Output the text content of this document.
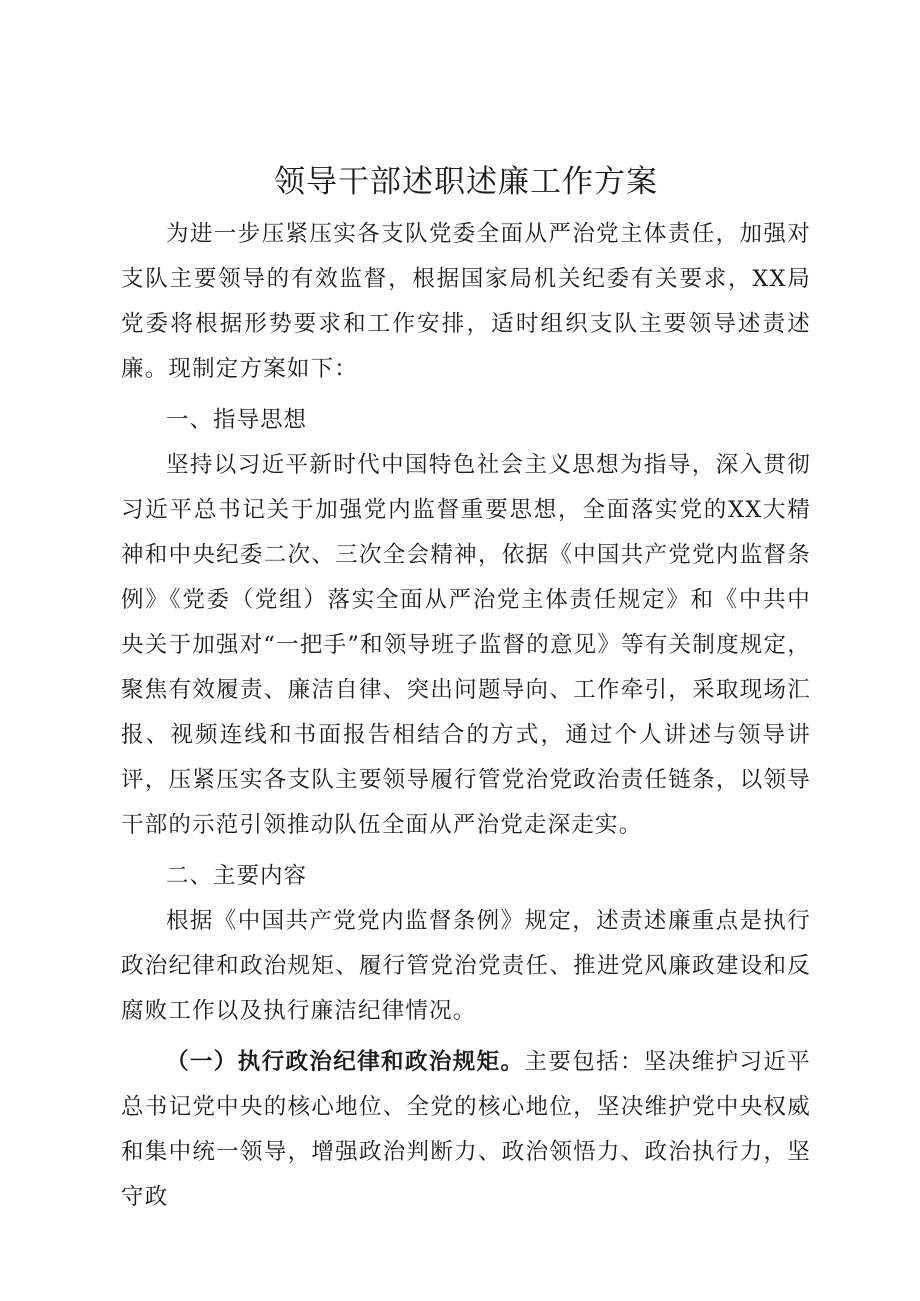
领导干部述职述廉工作方案

为进一步压紧压实各支队党委全面从严治党主体责任，加强对支队主要领导的有效监督，根据国家局机关纪委有关要求，XX局党委将根据形势要求和工作安排，适时组织支队主要领导述责述廉。现制定方案如下：

一、指导思想

坚持以习近平新时代中国特色社会主义思想为指导，深入贯彻习近平总书记关于加强党内监督重要思想，全面落实党的XX大精神和中央纪委二次、三次全会精神，依据《中国共产党党内监督条例》《党委（党组）落实全面从严治党主体责任规定》和《中共中央关于加强对“一把手”和领导班子监督的意见》等有关制度规定，聚焦有效履责、廉洁自律、突出问题导向、工作牵引，采取现场汇报、视频连线和书面报告相结合的方式，通过个人讲述与领导讲评，压紧压实各支队主要领导履行管党治党政治责任链条，以领导干部的示范引领推动队伍全面从严治党走深走实。

二、主要内容

根据《中国共产党党内监督条例》规定，述责述廉重点是执行政治纪律和政治规矩、履行管党治党责任、推进党风廉政建设和反腐败工作以及执行廉洁纪律情况。

（一）执行政治纪律和政治规矩。主要包括：坚决维护习近平总书记党中央的核心地位、全党的核心地位，坚决维护党中央权威和集中统一领导，增强政治判断力、政治领悟力、政治执行力，坚守政
